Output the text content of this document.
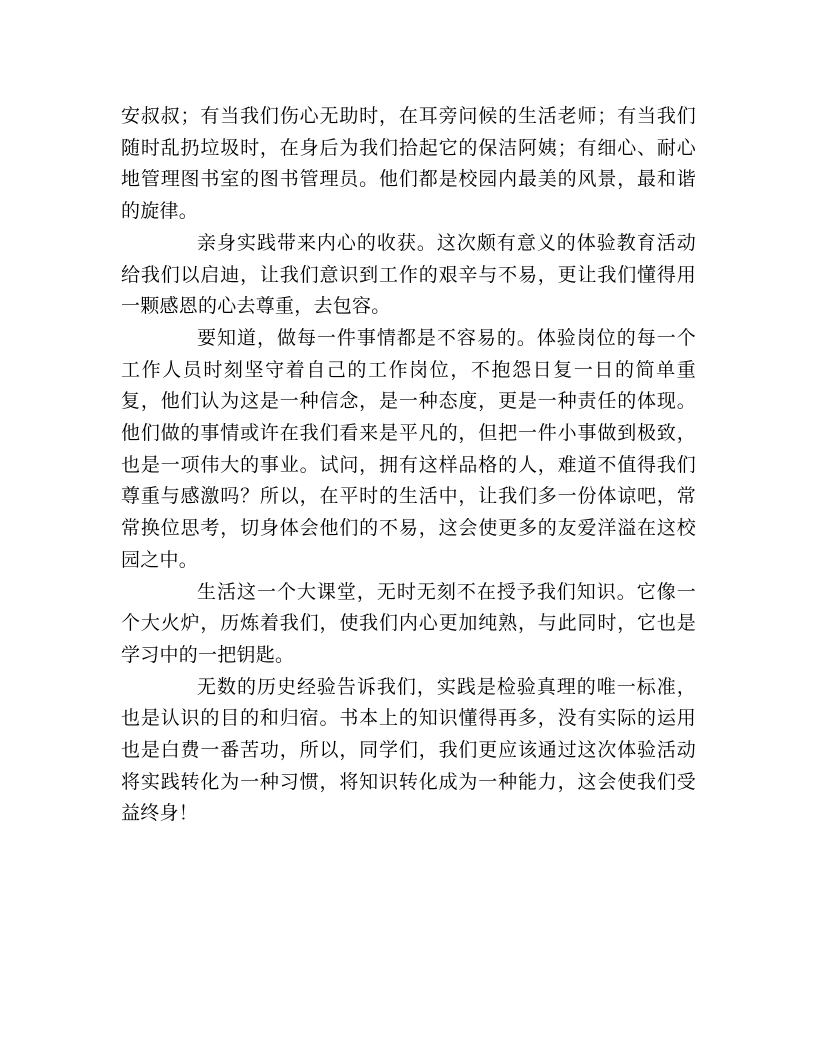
安叔叔；有当我们伤心无助时，在耳旁问候的生活老师；有当我们随时乱扔垃圾时，在身后为我们拾起它的保洁阿姨；有细心、耐心地管理图书室的图书管理员。他们都是校园内最美的风景，最和谐的旋律。

亲身实践带来内心的收获。这次颇有意义的体验教育活动给我们以启迪，让我们意识到工作的艰辛与不易，更让我们懂得用一颗感恩的心去尊重，去包容。

要知道，做每一件事情都是不容易的。体验岗位的每一个工作人员时刻坚守着自己的工作岗位，不抱怨日复一日的简单重复，他们认为这是一种信念，是一种态度，更是一种责任的体现。他们做的事情或许在我们看来是平凡的，但把一件小事做到极致，也是一项伟大的事业。试问，拥有这样品格的人，难道不值得我们尊重与感激吗？所以，在平时的生活中，让我们多一份体谅吧，常常换位思考，切身体会他们的不易，这会使更多的友爱洋溢在这校园之中。

生活这一个大课堂，无时无刻不在授予我们知识。它像一个大火炉，历炼着我们，使我们内心更加纯熟，与此同时，它也是学习中的一把钥匙。

无数的历史经验告诉我们，实践是检验真理的唯一标准，也是认识的目的和归宿。书本上的知识懂得再多，没有实际的运用也是白费一番苦功，所以，同学们，我们更应该通过这次体验活动将实践转化为一种习惯，将知识转化成为一种能力，这会使我们受益终身！
